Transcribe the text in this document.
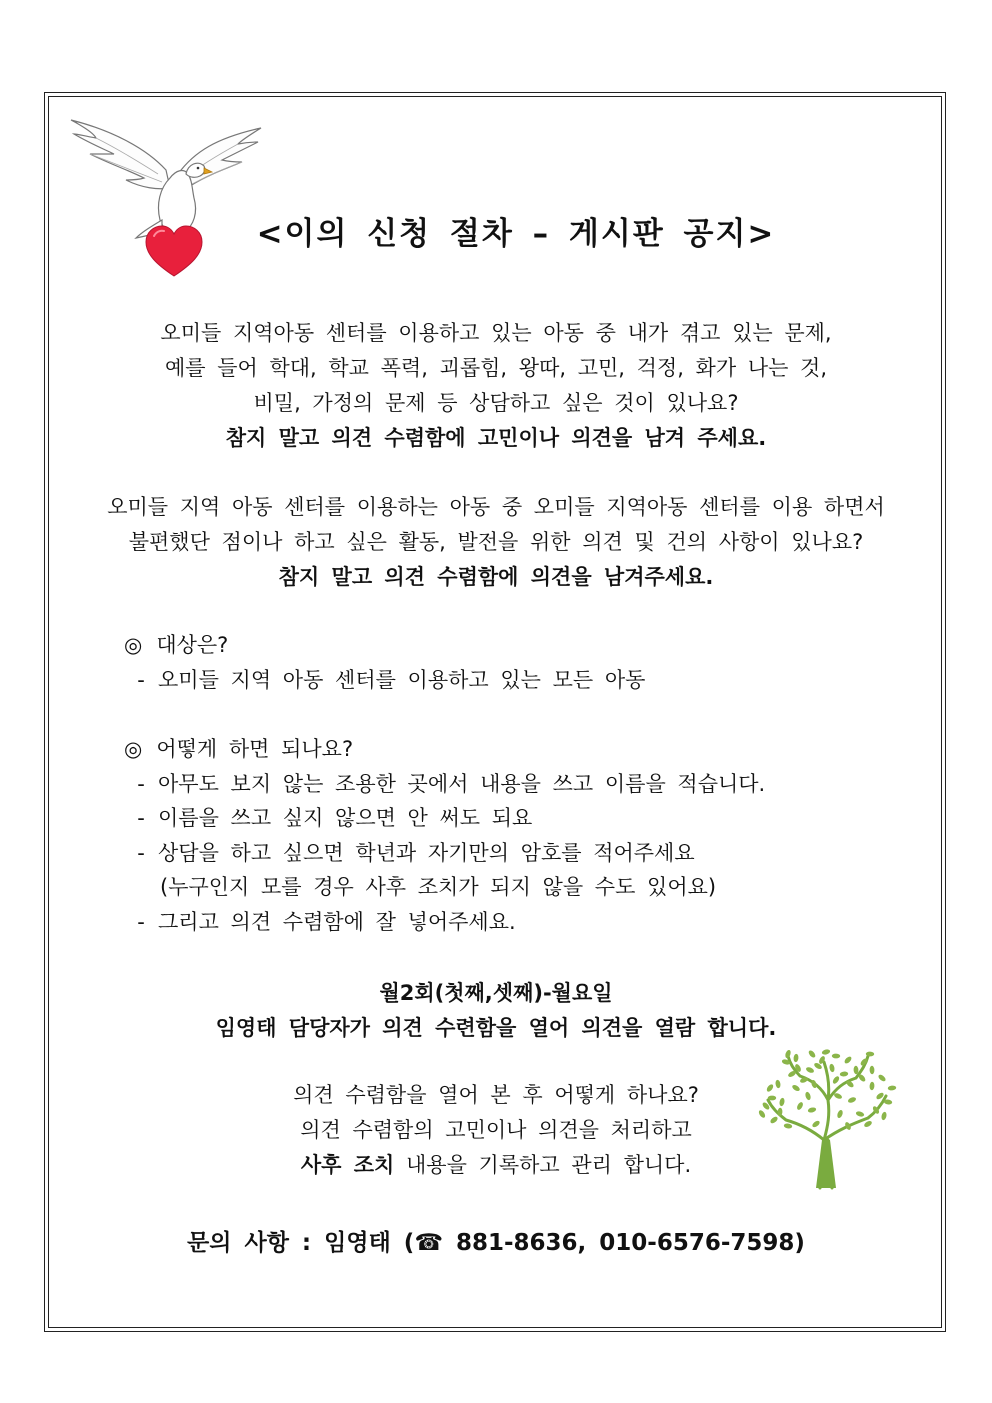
<이의 신청 절차 – 게시판 공지>
오미들 지역아동 센터를 이용하고 있는 아동 중 내가 겪고 있는 문제,
예를 들어 학대, 학교 폭력, 괴롭힘, 왕따, 고민, 걱정, 화가 나는 것,
비밀, 가정의 문제 등 상담하고 싶은 것이 있나요?
참지 말고 의견 수렴함에 고민이나 의견을 남겨 주세요.
오미들 지역 아동 센터를 이용하는 아동 중 오미들 지역아동 센터를 이용 하면서
불편했단 점이나 하고 싶은 활동, 발전을 위한 의견 및 건의 사항이 있나요?
참지 말고 의견 수렴함에 의견을 남겨주세요.
◎ 대상은?
- 오미들 지역 아동 센터를 이용하고 있는 모든 아동
◎ 어떻게 하면 되나요?
- 아무도 보지 않는 조용한 곳에서 내용을 쓰고 이름을 적습니다.
- 이름을 쓰고 싶지 않으면 안 써도 되요
- 상담을 하고 싶으면 학년과 자기만의 암호를 적어주세요
(누구인지 모를 경우 사후 조치가 되지 않을 수도 있어요)
- 그리고 의견 수렴함에 잘 넣어주세요.
월2회(첫째,셋째)-월요일
임영태 담당자가 의견 수련함을 열어 의견을 열람 합니다.
의견 수렴함을 열어 본 후 어떻게 하나요?
의견 수렴함의 고민이나 의견을 처리하고
사후 조치 내용을 기록하고 관리 합니다.
문의 사항 : 임영태 (☎ 881-8636, 010-6576-7598)
